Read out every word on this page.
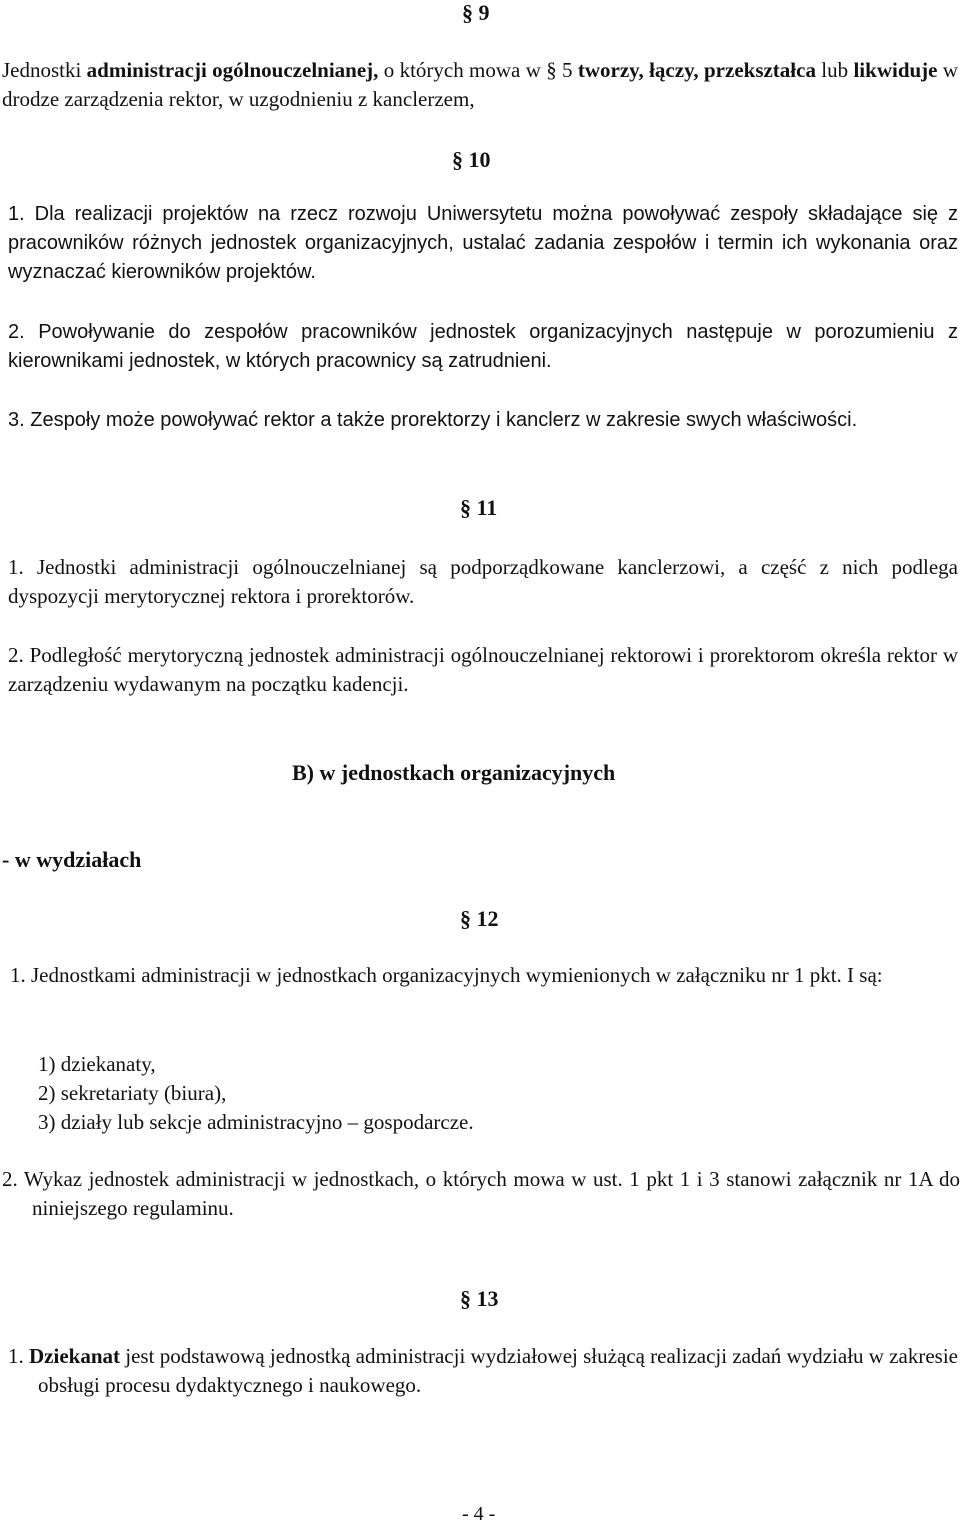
§ 9
Jednostki administracji ogólnouczelnianej, o których mowa w § 5 tworzy, łączy, przekształca lub likwiduje w drodze zarządzenia rektor, w uzgodnieniu z kanclerzem,
§ 10
1. Dla realizacji projektów na rzecz rozwoju Uniwersytetu można powoływać zespoły składające się z pracowników różnych jednostek organizacyjnych, ustalać zadania zespołów i termin ich wykonania oraz wyznaczać kierowników projektów.
2. Powoływanie do zespołów pracowników jednostek organizacyjnych następuje w porozumieniu z kierownikami jednostek, w których pracownicy są zatrudnieni.
3. Zespoły może powoływać rektor a także prorektorzy i kanclerz w zakresie swych właściwości.
§ 11
1. Jednostki administracji ogólnouczelnianej są podporządkowane kanclerzowi, a część z nich podlega dyspozycji merytorycznej rektora i prorektorów.
2. Podległość merytoryczną jednostek administracji ogólnouczelnianej rektorowi i prorektorom określa rektor w zarządzeniu wydawanym na początku kadencji.
B) w jednostkach organizacyjnych
- w wydziałach
§ 12
1. Jednostkami administracji w jednostkach organizacyjnych wymienionych w załączniku nr 1 pkt. I są:
1) dziekanaty,
2) sekretariaty (biura),
3) działy lub sekcje administracyjno – gospodarcze.
2. Wykaz jednostek administracji w jednostkach, o których mowa w ust. 1 pkt 1 i 3 stanowi załącznik nr 1A do niniejszego regulaminu.
§ 13
1. Dziekanat jest podstawową jednostką administracji wydziałowej służącą realizacji zadań wydziału w zakresie obsługi procesu dydaktycznego i naukowego.
- 4 -
